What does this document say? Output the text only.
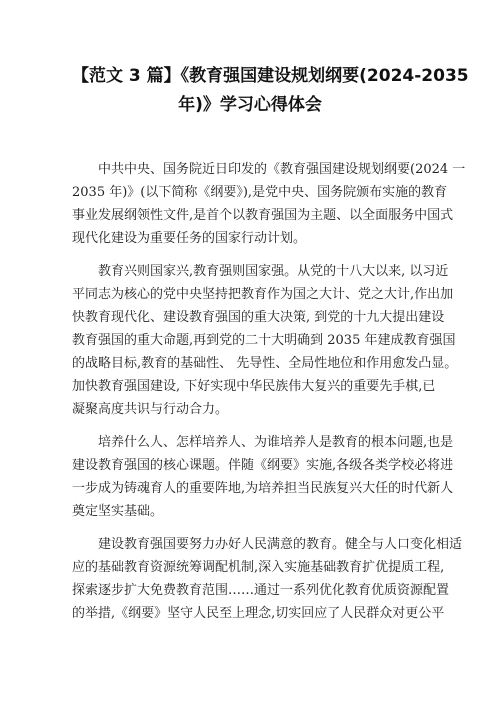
【范文 3 篇】《教育强国建设规划纲要(2024-2035
年)》学习心得体会

中共中央、国务院近日印发的《教育强国建设规划纲要(2024 一
2035 年)》(以下简称《纲要》),是党中央、国务院颁布实施的教育
事业发展纲领性文件,是首个以教育强国为主题、以全面服务中国式
现代化建设为重要任务的国家行动计划。

教育兴则国家兴,教育强则国家强。从党的十八大以来, 以习近
平同志为核心的党中央坚持把教育作为国之大计、党之大计,作出加
快教育现代化、建设教育强国的重大决策, 到党的十九大提出建设
教育强国的重大命题,再到党的二十大明确到 2035 年建成教育强国
的战略目标,教育的基础性、 先导性、全局性地位和作用愈发凸显。
加快教育强国建设, 下好实现中华民族伟大复兴的重要先手棋,已
凝聚高度共识与行动合力。

培养什么人、怎样培养人、为谁培养人是教育的根本问题,也是
建设教育强国的核心课题。伴随《纲要》实施,各级各类学校必将进
一步成为铸魂育人的重要阵地,为培养担当民族复兴大任的时代新人
奠定坚实基础。

建设教育强国要努力办好人民满意的教育。健全与人口变化相适
应的基础教育资源统筹调配机制,深入实施基础教育扩优提质工程,
探索逐步扩大免费教育范围……通过一系列优化教育优质资源配置
的举措,《纲要》坚守人民至上理念,切实回应了人民群众对更公平
